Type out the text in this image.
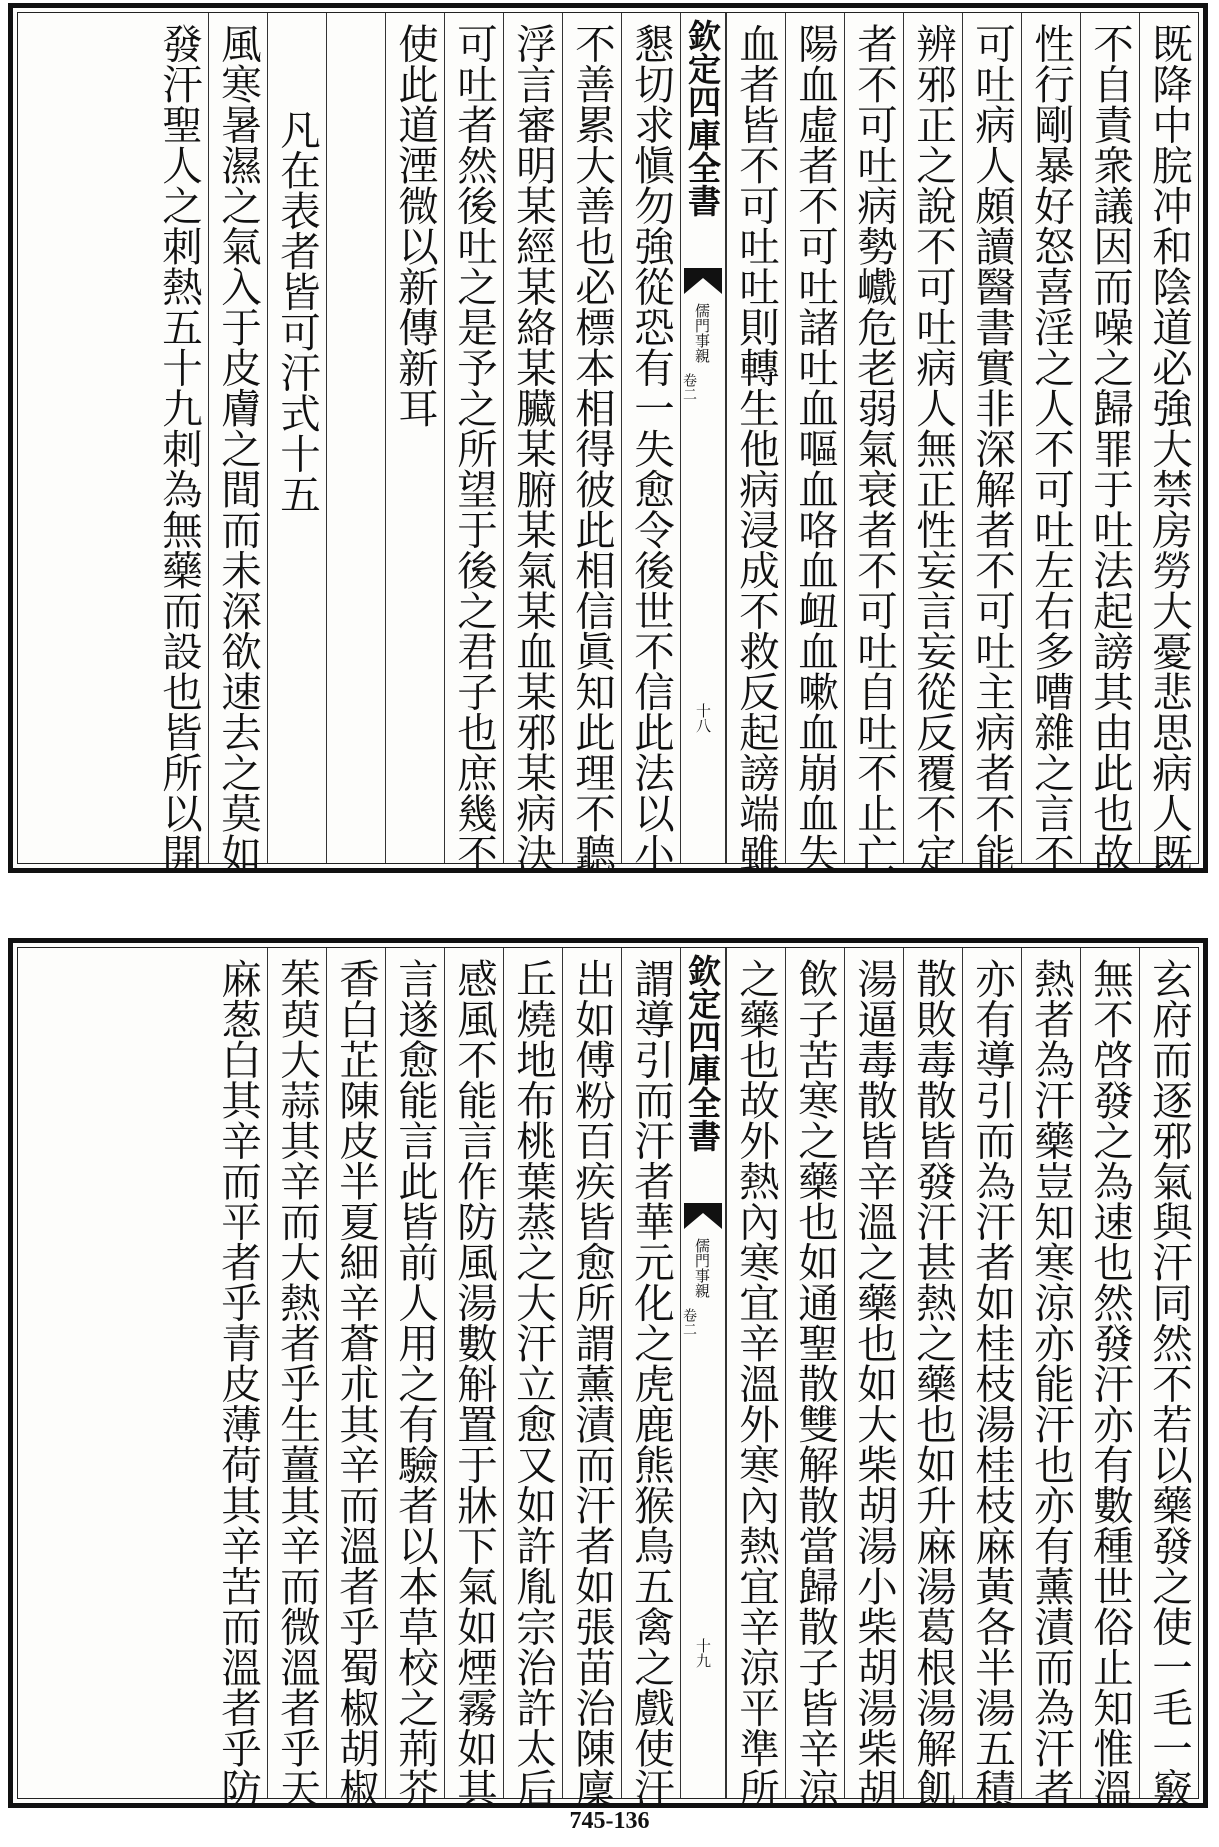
既降中脘冲和陰道必強大禁房勞大憂悲思病人既
不自責衆議因而噪之歸罪于吐法起謗其由此也故
性行剛暴好怒喜淫之人不可吐左右多嘈雜之言不
可吐病人頗讀醫書實非深解者不可吐主病者不能
辨邪正之說不可吐病人無正性妄言妄從反覆不定
者不可吐病勢巇危老弱氣衰者不可吐自吐不止亡
陽血虛者不可吐諸吐血嘔血咯血衄血嗽血崩血失
血者皆不可吐吐則轉生他病浸成不救反起謗端雖
欽定四庫全書
儒門事親
卷二
十八
懇切求愼勿強從恐有一失愈令後世不信此法以小
不善累大善也必標本相得彼此相信眞知此理不聽
浮言審明某經某絡某臟某腑某氣某血某邪某病決
可吐者然後吐之是予之所望于後之君子也庶幾不
使此道湮微以新傳新耳
凡在表者皆可汗式十五
風寒暑濕之氣入于皮膚之間而未深欲速去之莫如
發汗聖人之刺熱五十九刺為無藥而設也皆所以開
玄府而逐邪氣與汗同然不若以藥發之使一毛一竅
無不啓發之為速也然發汗亦有數種世俗止知惟溫
熱者為汗藥豈知寒涼亦能汗也亦有薰漬而為汗者
亦有導引而為汗者如桂枝湯桂枝麻黃各半湯五積
散敗毒散皆發汗甚熱之藥也如升麻湯葛根湯解飢
湯逼毒散皆辛溫之藥也如大柴胡湯小柴胡湯柴胡
飲子苦寒之藥也如通聖散雙解散當歸散子皆辛涼
之藥也故外熱內寒宜辛溫外寒內熱宜辛涼平準所
欽定四庫全書
儒門事親
卷二
十九
謂導引而汗者華元化之虎鹿熊猴鳥五禽之戲使汗
出如傅粉百疾皆愈所謂薰漬而汗者如張苗治陳廩
丘燒地布桃葉蒸之大汗立愈又如許胤宗治許太后
感風不能言作防風湯數斛置于牀下氣如煙霧如其
言遂愈能言此皆前人用之有驗者以本草校之荊芥
香白芷陳皮半夏細辛蒼朮其辛而溫者乎蜀椒胡椒
茱萸大蒜其辛而大熱者乎生薑其辛而微溫者乎天
麻葱白其辛而平者乎青皮薄荷其辛苦而溫者乎防
745-136
